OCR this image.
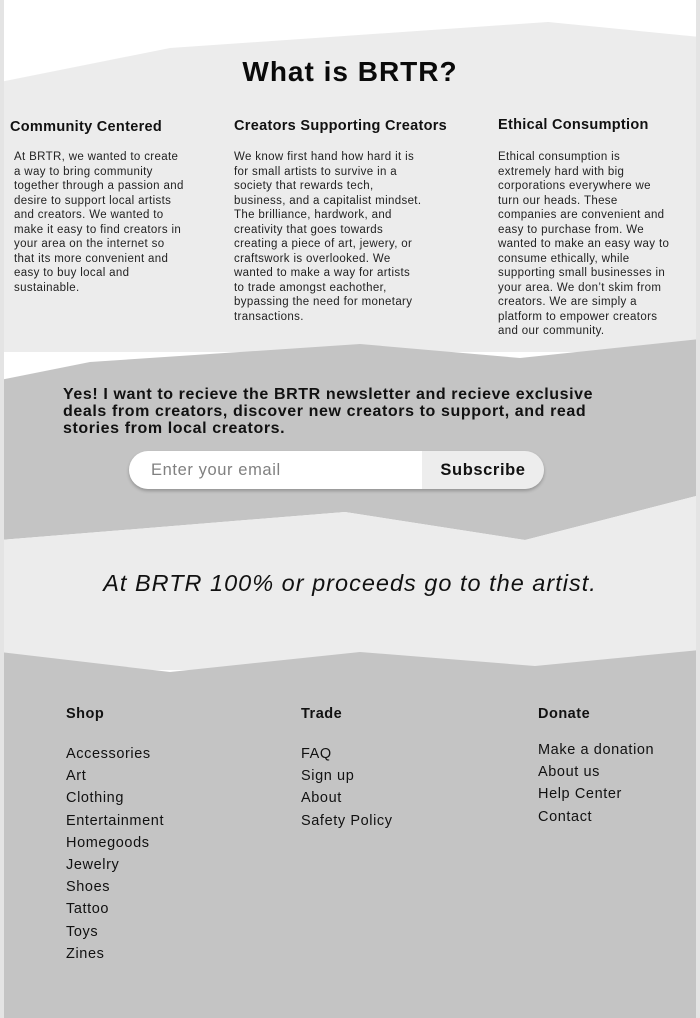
What is BRTR?
Community Centered
At BRTR, we wanted to create
a way to bring community
together through a passion and
desire to support local artists
and creators. We wanted to
make it easy to find creators in
your area on the internet so
that its more convenient and
easy to buy local and
sustainable.
Creators Supporting Creators
We know first hand how hard it is
for small artists to survive in a
society that rewards tech,
business, and a capitalist mindset.
The brilliance, hardwork, and
creativity that goes towards
creating a piece of art, jewery, or
craftswork is overlooked. We
wanted to make a way for artists
to trade amongst eachother,
bypassing the need for monetary
transactions.
Ethical Consumption
Ethical consumption is
extremely hard with big
corporations everywhere we
turn our heads. These
companies are convenient and
easy to purchase from. We
wanted to make an easy way to
consume ethically, while
supporting small businesses in
your area. We don’t skim from
creators. We are simply a
platform to empower creators
and our community.
Yes! I want to recieve the BRTR newsletter and recieve exclusive
deals from creators, discover new creators to support, and read
stories from local creators.
Enter your email
Subscribe
At BRTR 100% or proceeds go to the artist.
Shop
Accessories
Art
Clothing
Entertainment
Homegoods
Jewelry
Shoes
Tattoo
Toys
Zines
Trade
FAQ
Sign up
About
Safety Policy
Donate
Make a donation
About us
Help Center
Contact
